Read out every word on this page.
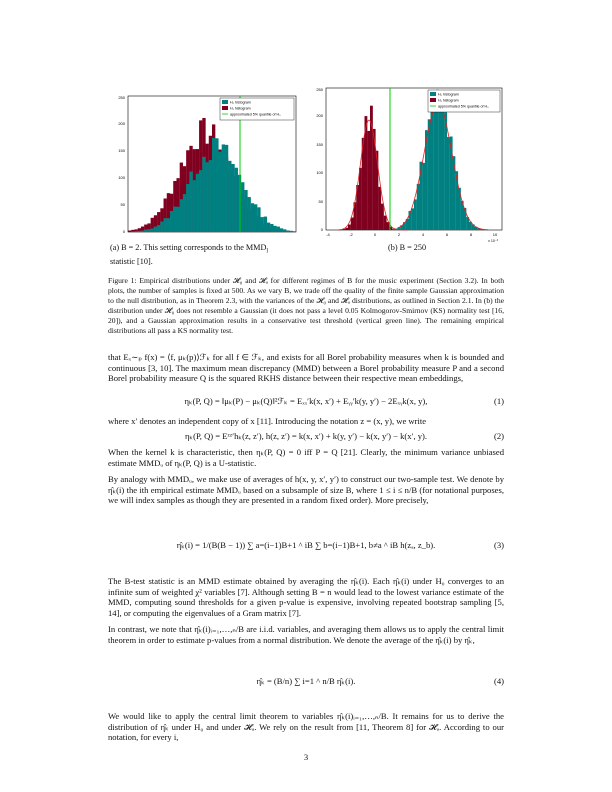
0
50
100
150
200
250
H₀ histogram
H₁ histogram
approximated 5% quantile of H₀
0
50
100
150
200
250
-4	-2	0	2	4	6	8	10
x 10⁻³
H₀ histogram
H₁ histogram
approximated 5% quantile of H₀
(a) B = 2. This setting corresponds to the $MMD_l$
statistic [10].
(b) B = 250
Figure 1: Empirical distributions under 𝓗₀ and 𝓗ₐ for different regimes of B for the music experiment (Section 3.2). In both plots, the number of samples is fixed at 500. As we vary B, we trade off the quality of the finite sample Gaussian approximation to the null distribution, as in Theorem 2.3, with the variances of the 𝓗₀ and 𝓗ₐ distributions, as outlined in Section 2.1. In (b) the distribution under 𝓗₀ does not resemble a Gaussian (it does not pass a level 0.05 Kolmogorov-Smirnov (KS) normality test [16, 20]), and a Gaussian approximation results in a conservative test threshold (vertical green line). The remaining empirical distributions all pass a KS normality test.
that Eₓ∼ₚ f(x) = ⟨f, μₖ(p)⟩ℱₖ for all f ∈ ℱₖ, and exists for all Borel probability measures when k is bounded and continuous [3, 10]. The maximum mean discrepancy (MMD) between a Borel probability measure P and a second Borel probability measure Q is the squared RKHS distance between their respective mean embeddings,
ηₖ(P, Q) = ‖μₖ(P) − μₖ(Q)‖²ℱₖ = Eₓₓ′k(x, x′) + Eᵧᵧ′k(y, y′) − 2Eₓᵧk(x, y),	(1)
where x′ denotes an independent copy of x [11]. Introducing the notation z = (x, y), we write
ηₖ(P, Q) = Eᶻᶻ′hₖ(z, z′), h(z, z′) = k(x, x′) + k(y, y′) − k(x, y′) − k(x′, y).	(2)
When the kernel k is characteristic, then ηₖ(P, Q) = 0 iff P = Q [21]. Clearly, the minimum variance unbiased estimate MMDᵤ of ηₖ(P, Q) is a U-statistic.
By analogy with MMDᵤ, we make use of averages of h(x, y, x′, y′) to construct our two-sample test. We denote by η̂ₖ(i) the ith empirical estimate MMDᵤ based on a subsample of size B, where 1 ≤ i ≤ n/B (for notational purposes, we will index samples as though they are presented in a random fixed order). More precisely,
η̂ₖ(i) = 1/(B(B − 1)) ∑ a=(i−1)B+1 ^ iB ∑ b=(i−1)B+1, b≠a ^ iB h(zₐ, z_b).	(3)
The B-test statistic is an MMD estimate obtained by averaging the η̂ₖ(i). Each η̂ₖ(i) under H₀ converges to an infinite sum of weighted χ² variables [7]. Although setting B = n would lead to the lowest variance estimate of the MMD, computing sound thresholds for a given p-value is expensive, involving repeated bootstrap sampling [5, 14], or computing the eigenvalues of a Gram matrix [7].
In contrast, we note that η̂ₖ(i)ᵢ₌₁,…,ₙ/B are i.i.d. variables, and averaging them allows us to apply the central limit theorem in order to estimate p-values from a normal distribution. We denote the average of the η̂ₖ(i) by η̂ₖ,
η̂ₖ = (B/n) ∑ i=1 ^ n/B η̂ₖ(i).	(4)
We would like to apply the central limit theorem to variables η̂ₖ(i)ᵢ₌₁,…,ₙ/B. It remains for us to derive the distribution of η̂ₖ under H₀ and under 𝓗ₐ. We rely on the result from [11, Theorem 8] for 𝓗ₐ. According to our notation, for every i,
3
